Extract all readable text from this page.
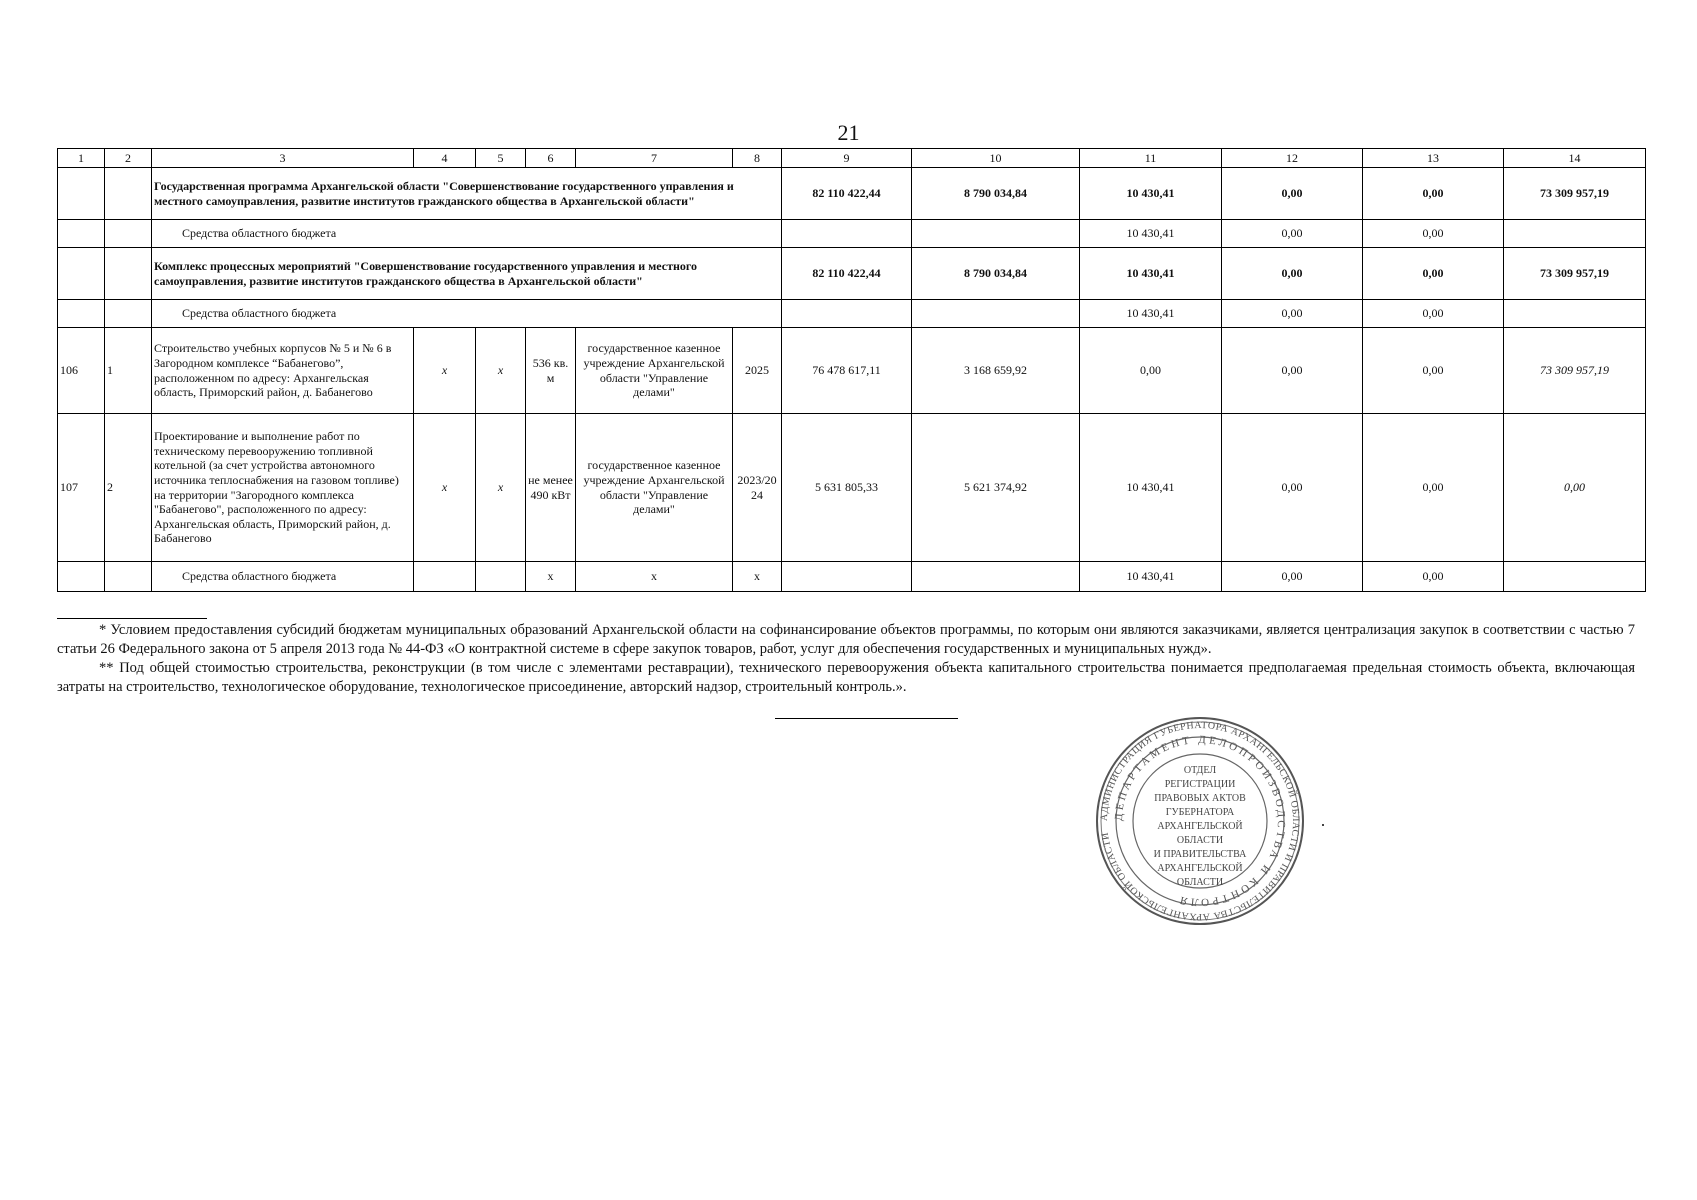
21
1	2	3	4	5	6	7	8	9	10	11	12	13	14
		Государственная программа Архангельской области "Совершенствование государственного управления и местного самоуправления, развитие институтов гражданского общества в Архангельской области"						82 110 422,44	8 790 034,84	10 430,41	0,00	0,00	73 309 957,19
		Средства областного бюджета								10 430,41	0,00	0,00	
		Комплекс процессных мероприятий "Совершенствование государственного управления и местного самоуправления, развитие институтов гражданского общества в Архангельской области"						82 110 422,44	8 790 034,84	10 430,41	0,00	0,00	73 309 957,19
		Средства областного бюджета								10 430,41	0,00	0,00	
106	1	Строительство учебных корпусов № 5 и № 6 в Загородном комплексе “Бабанегово”, расположенном по адресу: Архангельская область, Приморский район, д. Бабанегово	x	x	536 кв. м	государственное казенное учреждение Архангельской области "Управление делами"	2025	76 478 617,11	3 168 659,92	0,00	0,00	0,00	73 309 957,19
107	2	Проектирование и выполнение работ по техническому перевооружению топливной котельной (за счет устройства автономного источника теплоснабжения на газовом топливе) на территории "Загородного комплекса "Бабанегово", расположенного по адресу: Архангельская область, Приморский район, д. Бабанегово	x	x	не менее 490 кВт	государственное казенное учреждение Архангельской области "Управление делами"	2023/2024	5 631 805,33	5 621 374,92	10 430,41	0,00	0,00	0,00
		Средства областного бюджета			x	x	x			10 430,41	0,00	0,00	

* Условием предоставления субсидий бюджетам муниципальных образований Архангельской области на софинансирование объектов программы, по которым они являются заказчиками, является централизация закупок в соответствии с частью 7 статьи 26 Федерального закона от 5 апреля 2013 года № 44-ФЗ «О контрактной системе в сфере закупок товаров, работ, услуг для обеспечения государственных и муниципальных нужд».

** Под общей стоимостью строительства, реконструкции (в том числе с элементами реставрации), технического перевооружения объекта капитального строительства понимается предполагаемая предельная стоимость объекта, включающая затраты на строительство, технологическое оборудование, технологическое присоединение, авторский надзор, строительный контроль.».

АДМИНИСТРАЦИЯ ГУБЕРНАТОРА АРХАНГЕЛЬСКОЙ ОБЛАСТИ И ПРАВИТЕЛЬСТВА АРХАНГЕЛЬСКОЙ ОБЛАСТИ
ДЕПАРТАМЕНТ ДЕЛОПРОИЗВОДСТВА И КОНТРОЛЯ
ОТДЕЛ
РЕГИСТРАЦИИ
ПРАВОВЫХ АКТОВ
ГУБЕРНАТОРА
АРХАНГЕЛЬСКОЙ
ОБЛАСТИ
И ПРАВИТЕЛЬСТВА
АРХАНГЕЛЬСКОЙ
ОБЛАСТИ
